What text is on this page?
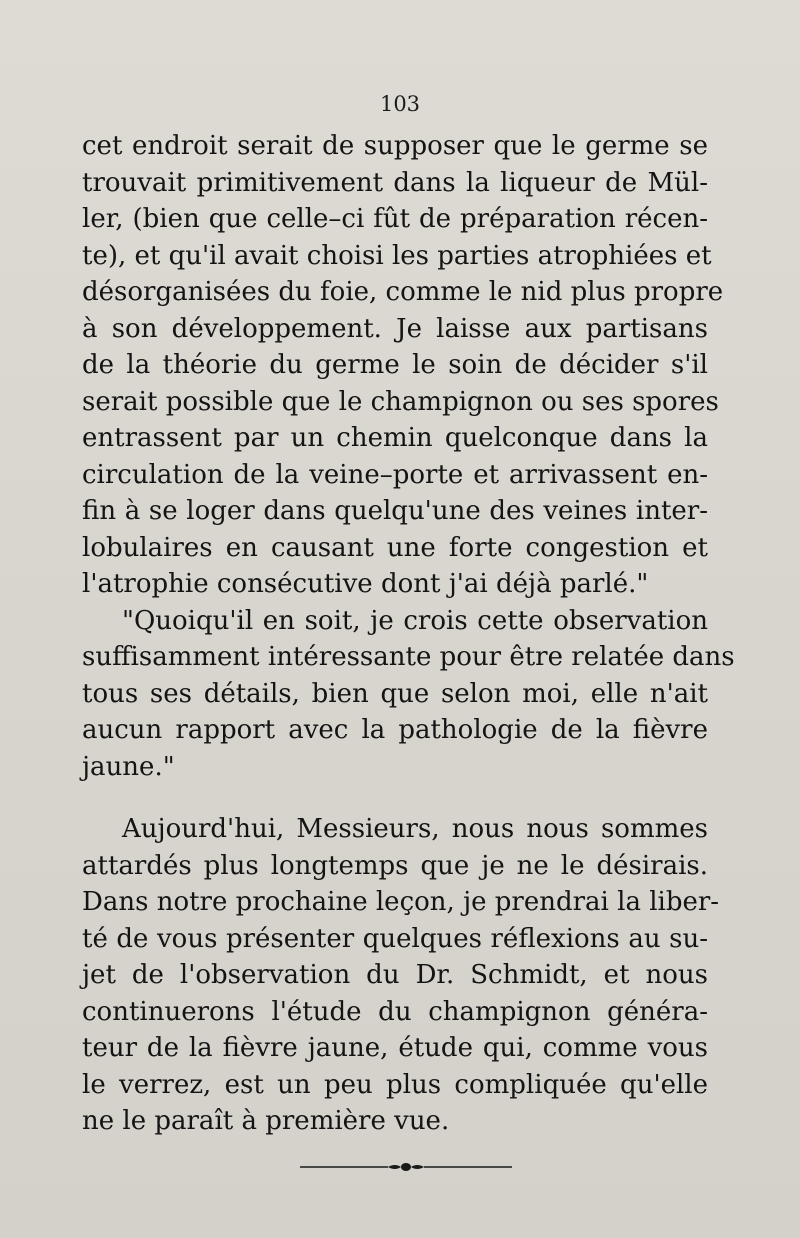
103

cet endroit serait de supposer que le germe se
trouvait primitivement dans la liqueur de Mül-
ler, (bien que celle–ci fût de préparation récen-
te), et qu'il avait choisi les parties atrophiées et
désorganisées du foie, comme le nid plus propre
à son développement. Je laisse aux partisans
de la théorie du germe le soin de décider s'il
serait possible que le champignon ou ses spores
entrassent par un chemin quelconque dans la
circulation de la veine–porte et arrivassent en-
fin à se loger dans quelqu'une des veines inter-
lobulaires en causant une forte congestion et
l'atrophie consécutive dont j'ai déjà parlé."

"Quoiqu'il en soit, je crois cette observation
suffisamment intéressante pour être relatée dans
tous ses détails, bien que selon moi, elle n'ait
aucun rapport avec la pathologie de la fièvre
jaune."

Aujourd'hui, Messieurs, nous nous sommes
attardés plus longtemps que je ne le désirais.
Dans notre prochaine leçon, je prendrai la liber-
té de vous présenter quelques réflexions au su-
jet de l'observation du Dr. Schmidt, et nous
continuerons l'étude du champignon généra-
teur de la fièvre jaune, étude qui, comme vous
le verrez, est un peu plus compliquée qu'elle
ne le paraît à première vue.
